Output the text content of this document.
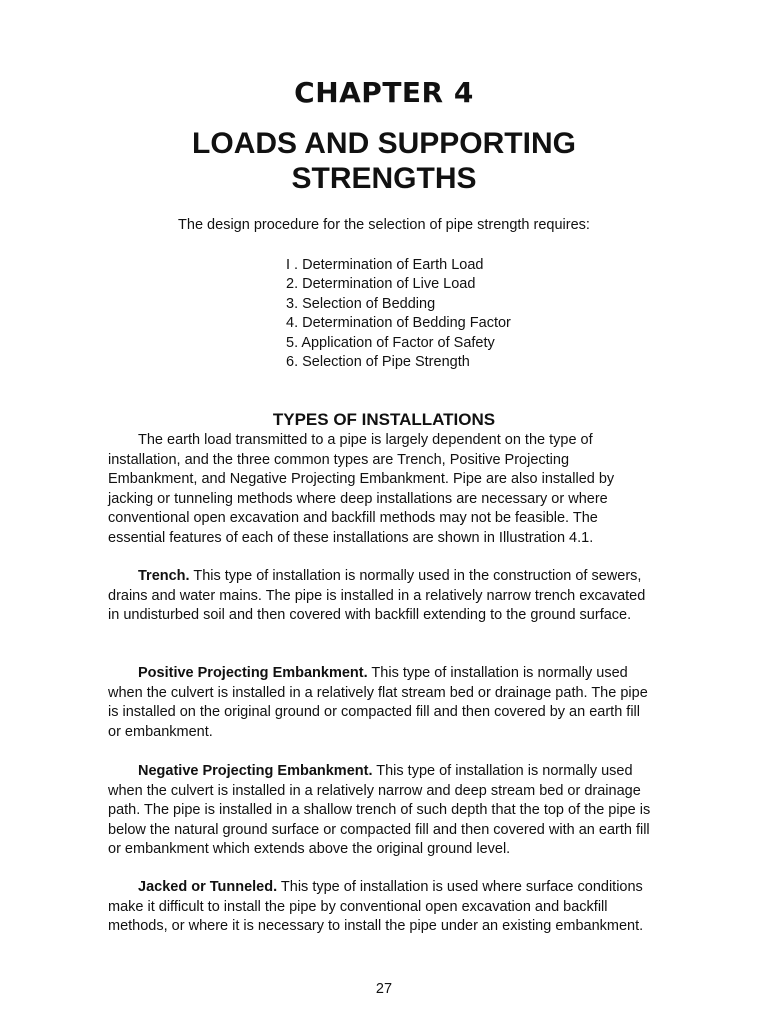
CHAPTER 4
LOADS AND SUPPORTING
STRENGTHS

The design procedure for the selection of pipe strength requires:

I . Determination of Earth Load
2. Determination of Live Load
3. Selection of Bedding
4. Determination of Bedding Factor
5. Application of Factor of Safety
6. Selection of Pipe Strength
TYPES OF INSTALLATIONS

The earth load transmitted to a pipe is largely dependent on the type of installation, and the three common types are Trench, Positive Projecting Embankment, and Negative Projecting Embankment. Pipe are also installed by jacking or tunneling methods where deep installations are necessary or where conventional open excavation and backfill methods may not be feasible. The essential features of each of these installations are shown in Illustration 4.1.

Trench. This type of installation is normally used in the construction of sewers, drains and water mains. The pipe is installed in a relatively narrow trench excavated in undisturbed soil and then covered with backfill extending to the ground surface.

Positive Projecting Embankment. This type of installation is normally used when the culvert is installed in a relatively flat stream bed or drainage path. The pipe is installed on the original ground or compacted fill and then covered by an earth fill or embankment.

Negative Projecting Embankment. This type of installation is normally used when the culvert is installed in a relatively narrow and deep stream bed or drainage path. The pipe is installed in a shallow trench of such depth that the top of the pipe is below the natural ground surface or compacted fill and then covered with an earth fill or embankment which extends above the original ground level.

Jacked or Tunneled. This type of installation is used where surface conditions make it difficult to install the pipe by conventional open excavation and backfill methods, or where it is necessary to install the pipe under an existing embankment.

27
